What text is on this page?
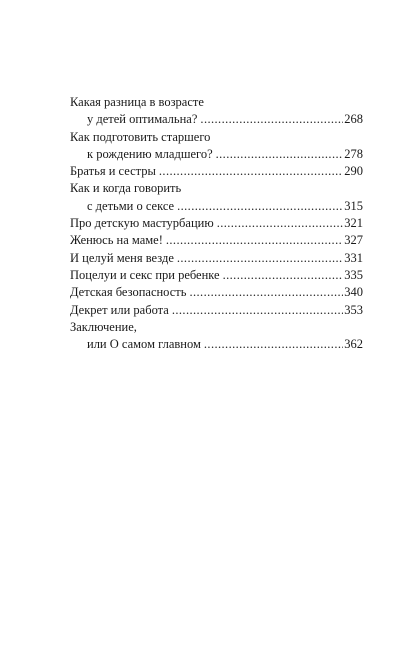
Какая разница в возрасте
у детей оптимальна? .....	268
Как подготовить старшего
к рождению младшего? .....	278
Братья и сестры .....	290
Как и когда говорить
с детьми о сексе .....	315
Про детскую мастурбацию .....	321
Женюсь на маме! .....	327
И целуй меня везде .....	331
Поцелуи и секс при ребенке .....	335
Детская безопасность .....	340
Декрет или работа .....	353
Заключение,
или О самом главном .....	362
